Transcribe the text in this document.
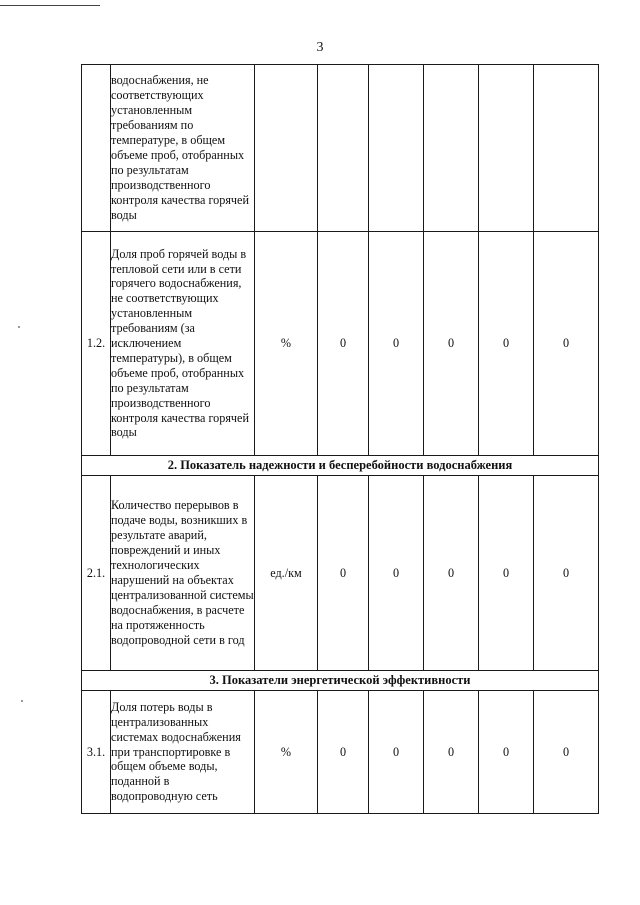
3
	водоснабжения, не соответствующих установленным требованиям по температуре, в общем объеме проб, отобранных по результатам производственного контроля качества горячей воды						
1.2.	Доля проб горячей воды в тепловой сети или в сети горячего водоснабжения, не соответствующих установленным требованиям (за исключением температуры), в общем объеме проб, отобранных по результатам производственного контроля качества горячей воды	%	0	0	0	0	0
2. Показатель надежности и бесперебойности водоснабжения							
2.1.	Количество перерывов в подаче воды, возникших в результате аварий, повреждений и иных технологических нарушений на объектах централизованной системы водоснабжения, в расчете на протяженность водопроводной сети в год	ед./км	0	0	0	0	0
3. Показатели энергетической эффективности							
3.1.	Доля потерь воды в централизованных системах водоснабжения при транспортировке в общем объеме воды, поданной в водопроводную сеть	%	0	0	0	0	0
